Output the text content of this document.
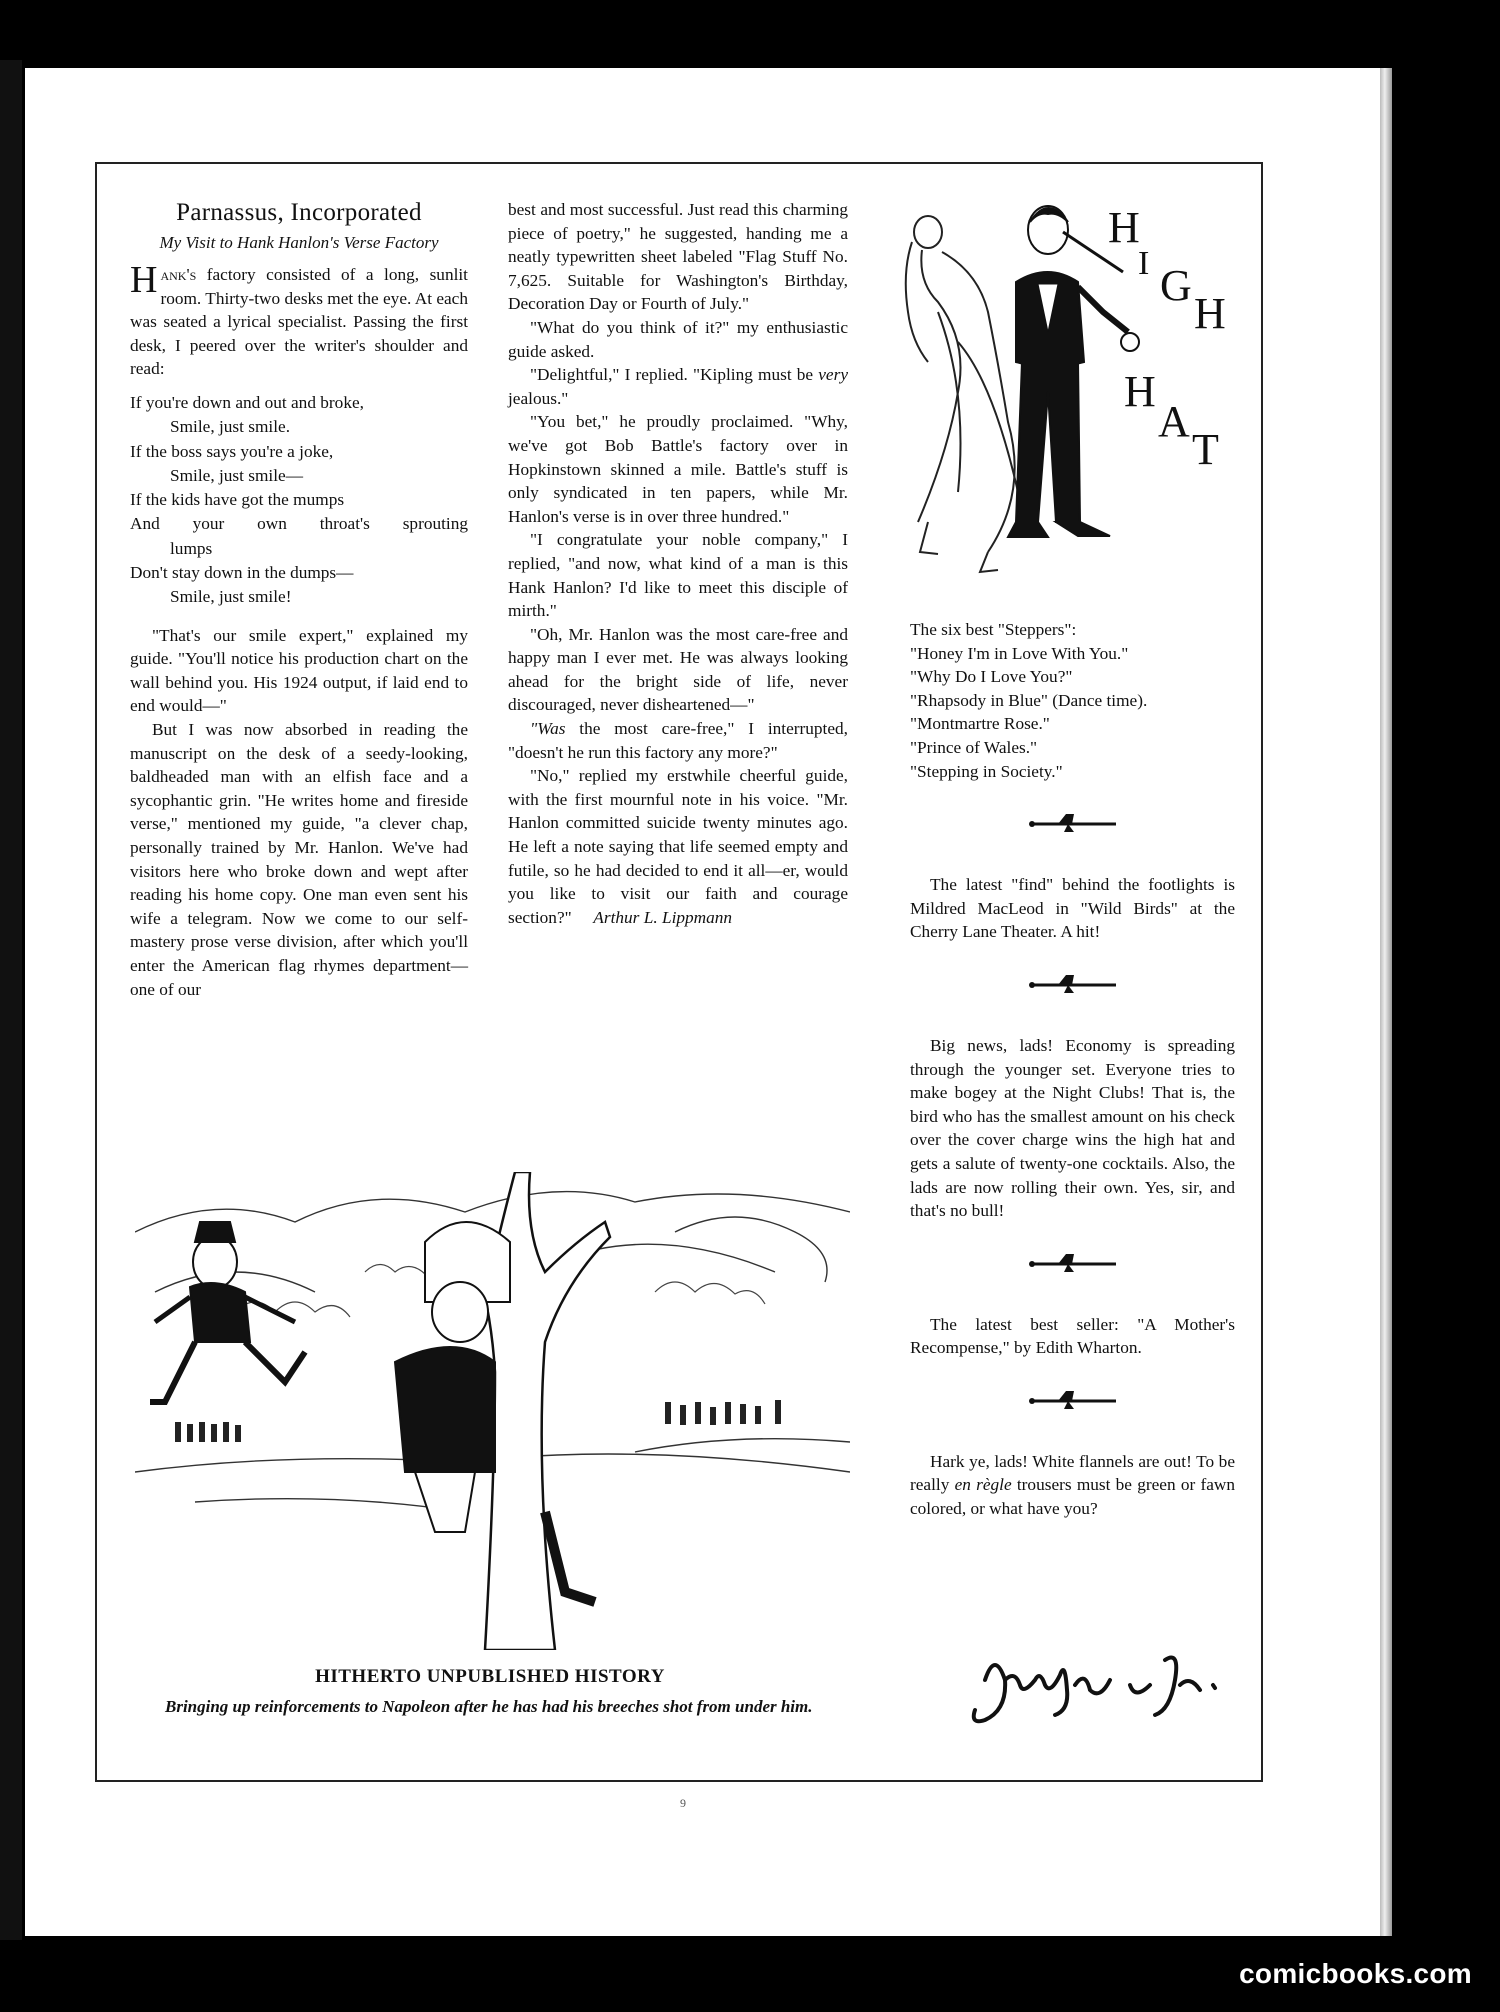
Parnassus, Incorporated
My Visit to Hank Hanlon's Verse Factory

Hank's factory consisted of a long, sunlit room. Thirty-two desks met the eye. At each was seated a lyrical specialist. Passing the first desk, I peered over the writer's shoulder and read:

If you're down and out and broke,
Smile, just smile.
If the boss says you're a joke,
Smile, just smile—
If the kids have got the mumps
And your own throat's sprouting
lumps
Don't stay down in the dumps—
Smile, just smile!

"That's our smile expert," explained my guide. "You'll notice his production chart on the wall behind you. His 1924 output, if laid end to end would—"

But I was now absorbed in reading the manuscript on the desk of a seedy-looking, baldheaded man with an elfish face and a sycophantic grin. "He writes home and fireside verse," mentioned my guide, "a clever chap, personally trained by Mr. Hanlon. We've had visitors here who broke down and wept after reading his home copy. One man even sent his wife a telegram. Now we come to our self-mastery prose verse division, after which you'll enter the American flag rhymes department—one of our

best and most successful. Just read this charming piece of poetry," he suggested, handing me a neatly typewritten sheet labeled "Flag Stuff No. 7,625. Suitable for Washington's Birthday, Decoration Day or Fourth of July."

"What do you think of it?" my enthusiastic guide asked.

"Delightful," I replied. "Kipling must be very jealous."

"You bet," he proudly proclaimed. "Why, we've got Bob Battle's factory over in Hopkinstown skinned a mile. Battle's stuff is only syndicated in ten papers, while Mr. Hanlon's verse is in over three hundred."

"I congratulate your noble company," I replied, "and now, what kind of a man is this Hank Hanlon? I'd like to meet this disciple of mirth."

"Oh, Mr. Hanlon was the most care-free and happy man I ever met. He was always looking ahead for the bright side of life, never discouraged, never disheartened—"

"Was the most care-free," I interrupted, "doesn't he run this factory any more?"

"No," replied my erstwhile cheerful guide, with the first mournful note in his voice. "Mr. Hanlon committed suicide twenty minutes ago. He left a note saying that life seemed empty and futile, so he had decided to end it all—er, would you like to visit our faith and courage section?" Arthur L. Lippmann

H
I G
H
H
A
T
The six best "Steppers":
"Honey I'm in Love With You."
"Why Do I Love You?"
"Rhapsody in Blue" (Dance time).
"Montmartre Rose."
"Prince of Wales."
"Stepping in Society."

The latest "find" behind the footlights is Mildred MacLeod in "Wild Birds" at the Cherry Lane Theater. A hit!

Big news, lads! Economy is spreading through the younger set. Everyone tries to make bogey at the Night Clubs! That is, the bird who has the smallest amount on his check over the cover charge wins the high hat and gets a salute of twenty-one cocktails. Also, the lads are now rolling their own. Yes, sir, and that's no bull!

The latest best seller: "A Mother's Recompense," by Edith Wharton.

Hark ye, lads! White flannels are out! To be really en règle trousers must be green or fawn colored, or what have you?

HITHERTO UNPUBLISHED HISTORY
Bringing up reinforcements to Napoleon after he has had his breeches shot from under him.
9
comicbooks.com
